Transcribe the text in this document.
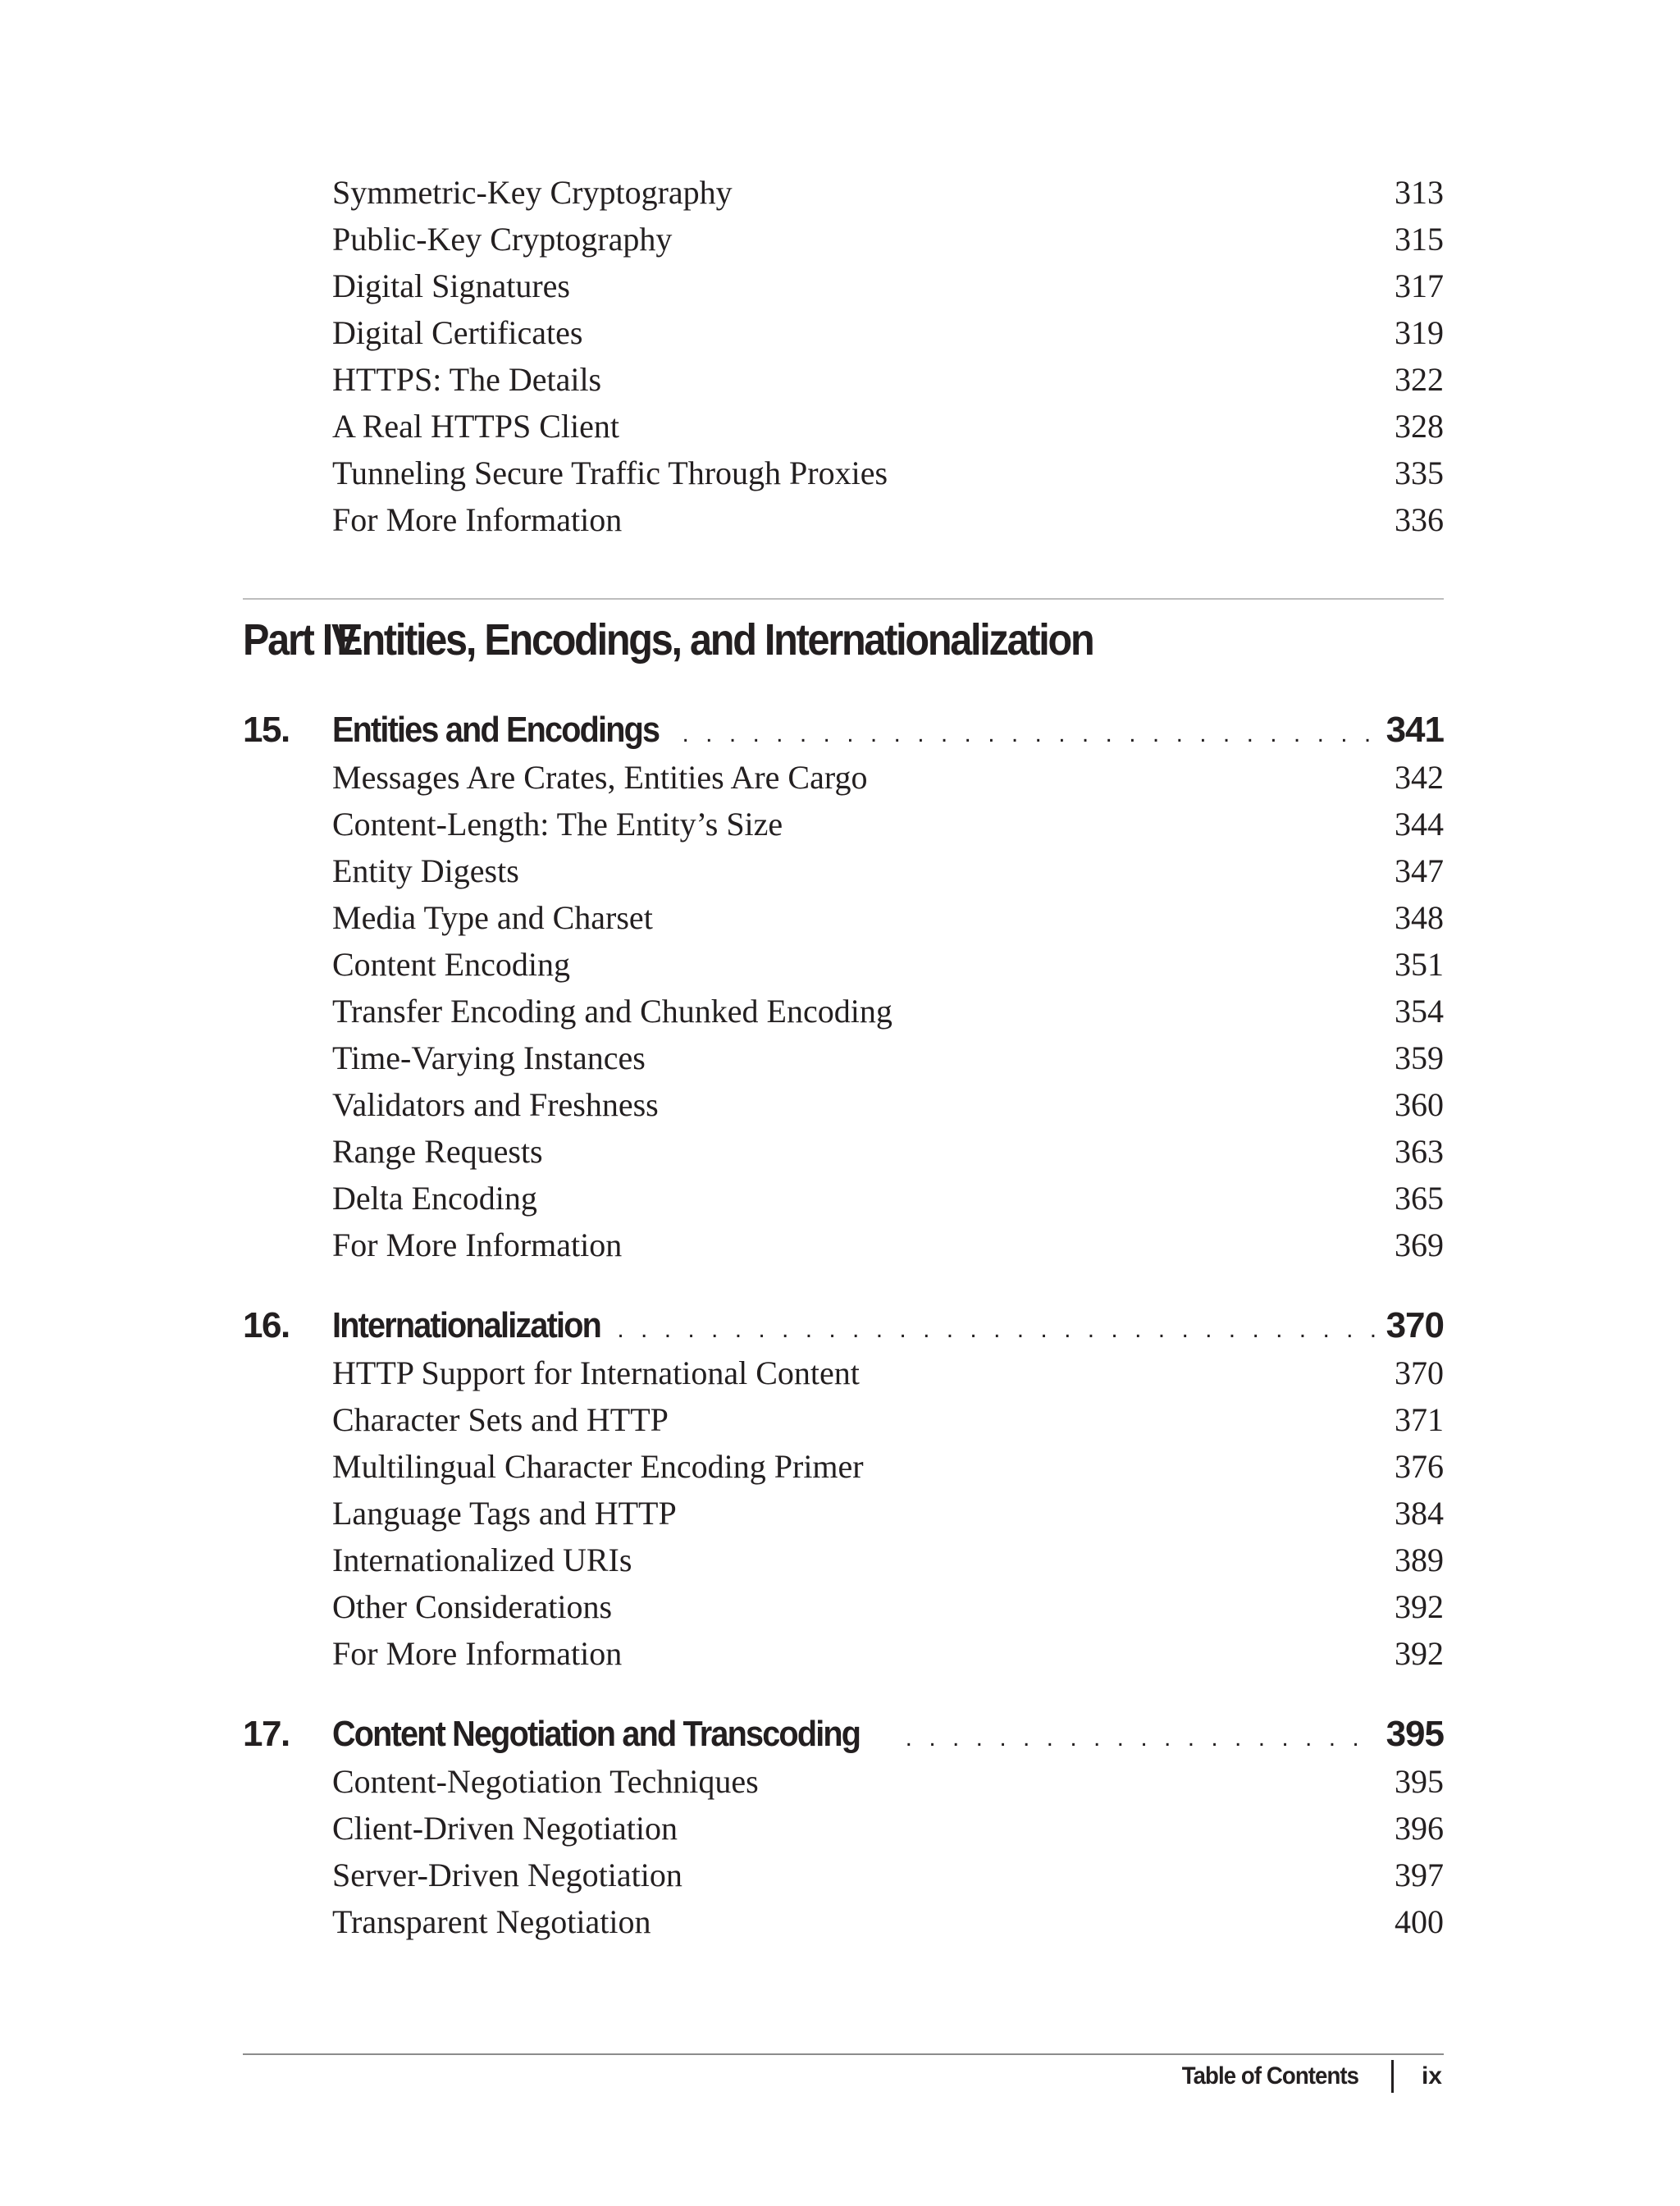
Symmetric-Key Cryptography	313
Public-Key Cryptography	315
Digital Signatures	317
Digital Certificates	319
HTTPS: The Details	322
A Real HTTPS Client	328
Tunneling Secure Traffic Through Proxies	335
For More Information	336
Part IV.Entities, Encodings, and Internationalization
15.	Entities and Encodings . . .	341
Messages Are Crates, Entities Are Cargo	342
Content-Length: The Entity’s Size	344
Entity Digests	347
Media Type and Charset	348
Content Encoding	351
Transfer Encoding and Chunked Encoding	354
Time-Varying Instances	359
Validators and Freshness	360
Range Requests	363
Delta Encoding	365
For More Information	369
16.	Internationalization . . .	370
HTTP Support for International Content	370
Character Sets and HTTP	371
Multilingual Character Encoding Primer	376
Language Tags and HTTP	384
Internationalized URIs	389
Other Considerations	392
For More Information	392
17.	Content Negotiation and Transcoding . . .	395
Content-Negotiation Techniques	395
Client-Driven Negotiation	396
Server-Driven Negotiation	397
Transparent Negotiation	400
Table of Contents	ix
